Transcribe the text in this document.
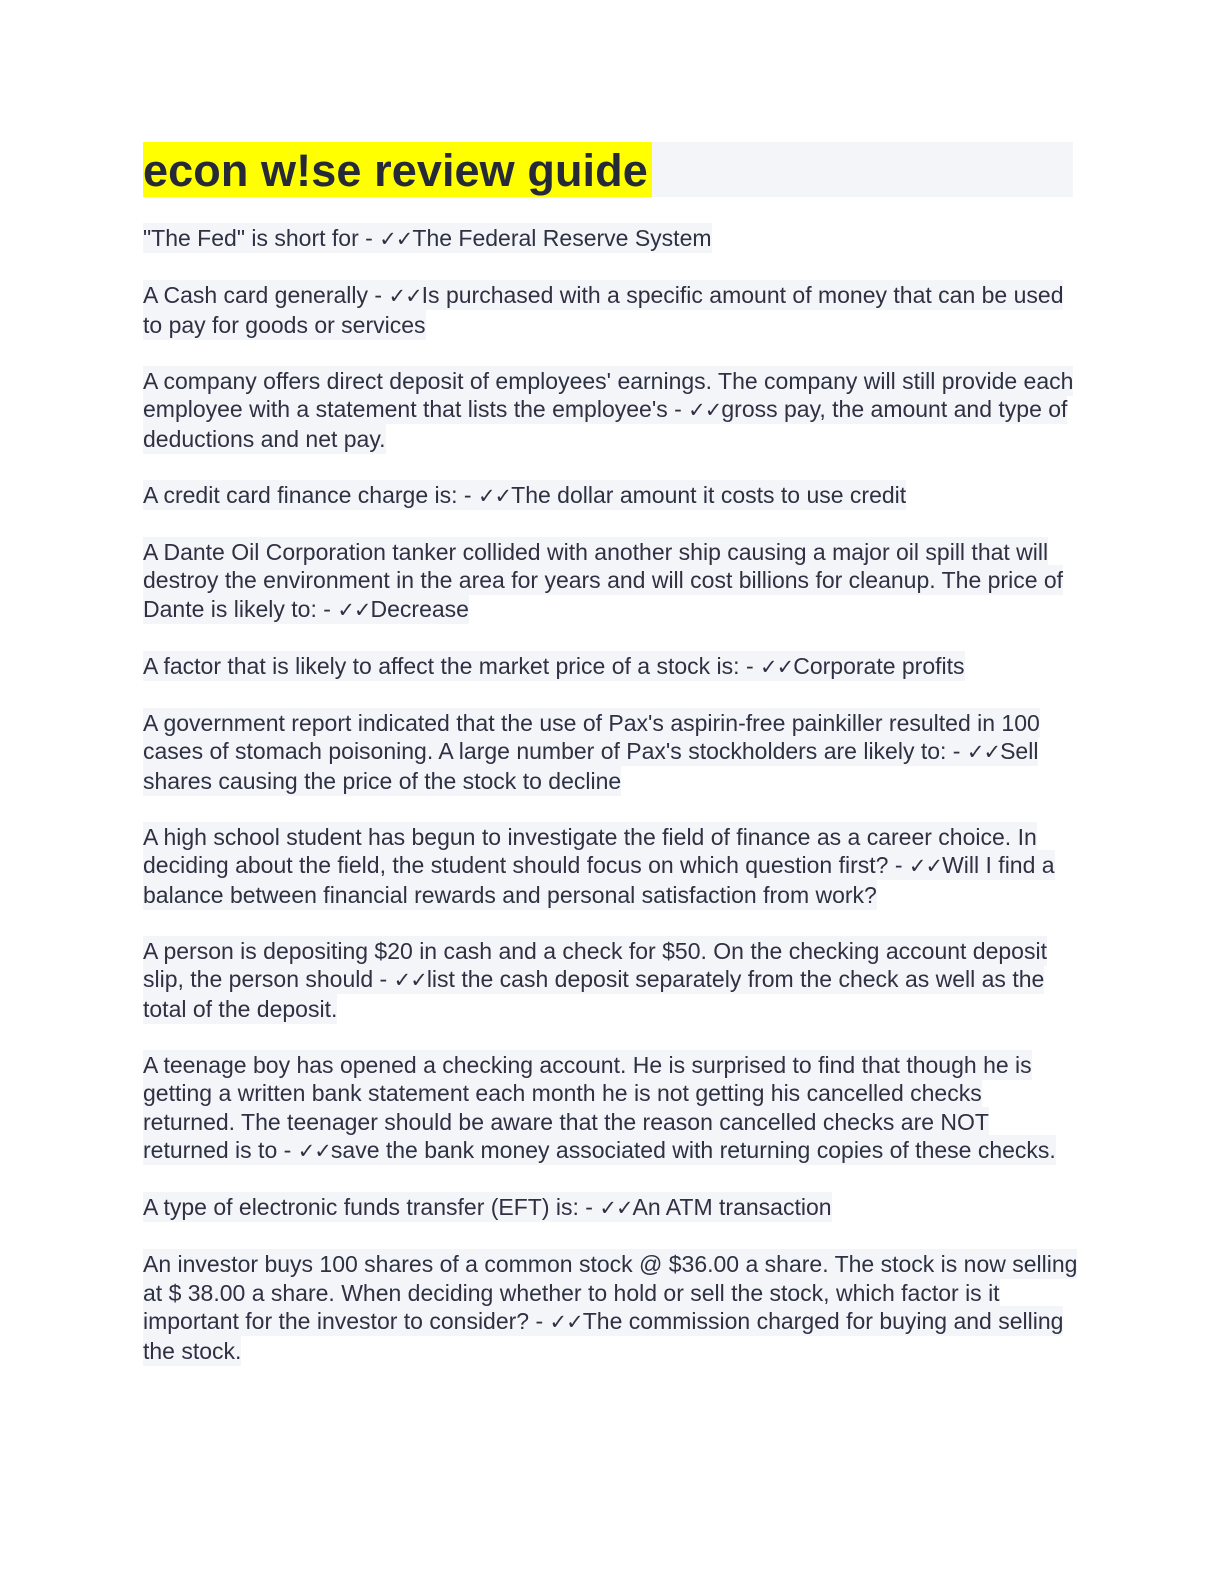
econ w!se review guide

"The Fed" is short for - ✓✓The Federal Reserve System

A Cash card generally - ✓✓Is purchased with a specific amount of money that can be used to pay for goods or services

A company offers direct deposit of employees' earnings. The company will still provide each employee with a statement that lists the employee's - ✓✓gross pay, the amount and type of deductions and net pay.

A credit card finance charge is: - ✓✓The dollar amount it costs to use credit

A Dante Oil Corporation tanker collided with another ship causing a major oil spill that will destroy the environment in the area for years and will cost billions for cleanup. The price of Dante is likely to: - ✓✓Decrease

A factor that is likely to affect the market price of a stock is: - ✓✓Corporate profits

A government report indicated that the use of Pax's aspirin-free painkiller resulted in 100 cases of stomach poisoning. A large number of Pax's stockholders are likely to: - ✓✓Sell shares causing the price of the stock to decline

A high school student has begun to investigate the field of finance as a career choice. In deciding about the field, the student should focus on which question first? - ✓✓Will I find a balance between financial rewards and personal satisfaction from work?

A person is depositing $20 in cash and a check for $50. On the checking account deposit slip, the person should - ✓✓list the cash deposit separately from the check as well as the total of the deposit.

A teenage boy has opened a checking account. He is surprised to find that though he is getting a written bank statement each month he is not getting his cancelled checks returned. The teenager should be aware that the reason cancelled checks are NOT returned is to - ✓✓save the bank money associated with returning copies of these checks.

A type of electronic funds transfer (EFT) is: - ✓✓An ATM transaction

An investor buys 100 shares of a common stock @ $36.00 a share. The stock is now selling at $ 38.00 a share. When deciding whether to hold or sell the stock, which factor is it important for the investor to consider? - ✓✓The commission charged for buying and selling the stock.
